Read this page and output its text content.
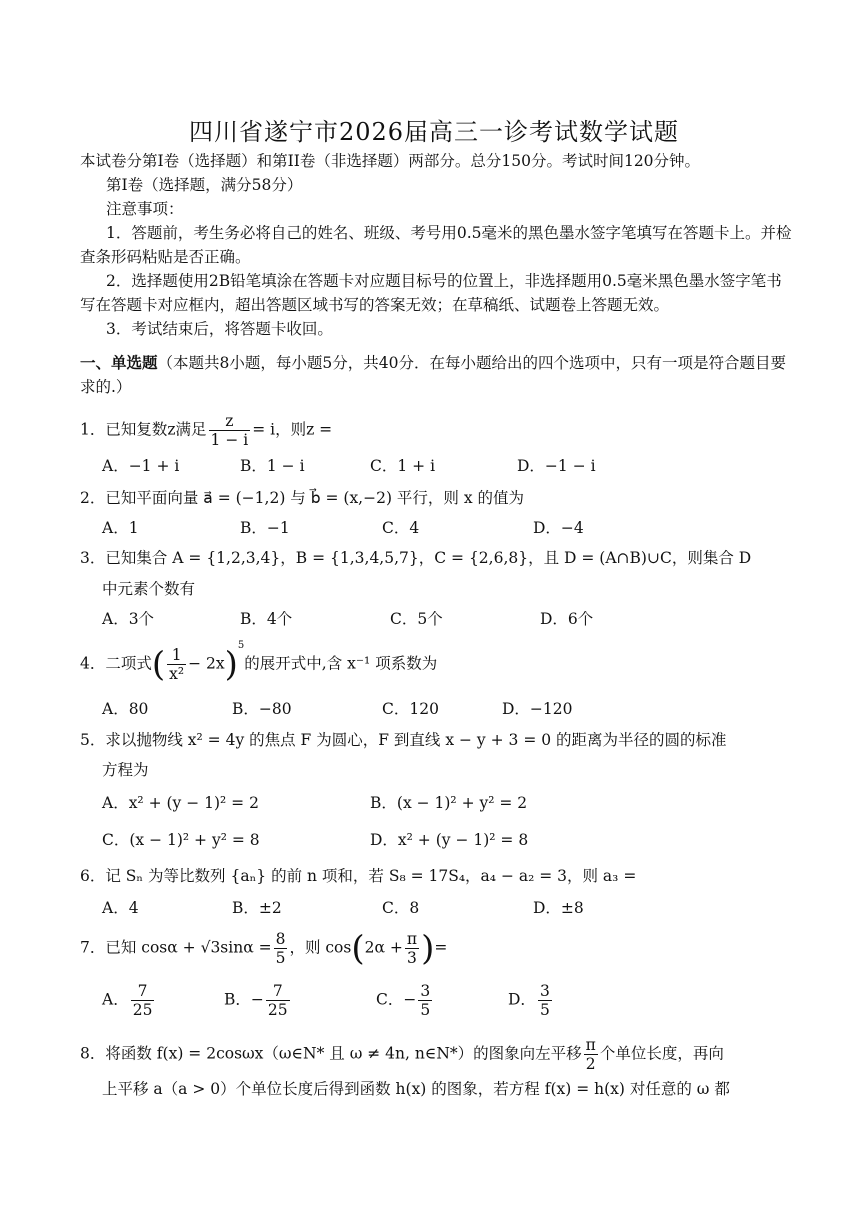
四川省遂宁市2026届高三一诊考试数学试题
本试卷分第I卷（选择题）和第II卷（非选择题）两部分。总分150分。考试时间120分钟。
第I卷（选择题，满分58分）
注意事项：
1．答题前，考生务必将自己的姓名、班级、考号用0.5毫米的黑色墨水签字笔填写在答题卡上。并检
查条形码粘贴是否正确。
2．选择题使用2B铅笔填涂在答题卡对应题目标号的位置上，非选择题用0.5毫米黑色墨水签字笔书
写在答题卡对应框内，超出答题区域书写的答案无效；在草稿纸、试题卷上答题无效。
3．考试结束后，将答题卡收回。
一、单选题（本题共8小题，每小题5分，共40分．在每小题给出的四个选项中，只有一项是符合题目要
求的.）
1．已知复数z满足 $\frac{z}{1 - i} = i$，则z =
A．−1 + i	B．1 − i	C．1 + i	D．−1 − i
2．已知平面向量 a⃗ = (−1,2) 与 b⃗ = (x,−2) 平行，则 x 的值为
A．1	B．−1	C．4	D．−4
3．已知集合 A = {1,2,3,4}，B = {1,3,4,5,7}，C = {2,6,8}，且 D = (A∩B)∪C，则集合 D
中元素个数有
A．3个	B．4个	C．5个	D．6个
4．二项式( $\frac{1}{\text{x²}} - 2x)^5$的展开式中,含 x⁻¹ 项系数为
A．80	B．−80	C．120	D．−120
5．求以抛物线 x² = 4y 的焦点 F 为圆心，F 到直线 x − y + 3 = 0 的距离为半径的圆的标准
方程为
A．x² + (y − 1)² = 2	B．(x − 1)² + y² = 2
C．(x − 1)² + y² = 8	D．x² + (y − 1)² = 8
6．记 Sₙ 为等比数列 {aₙ} 的前 n 项和，若 S₈ = 17S₄，a₄ − a₂ = 3，则 a₃ =
A．4	B．±2	C．8	D．±8
7．已知 $\cos\alpha + √3\sin\alpha = \frac{8}{5}$ ，则 $\cos(2\alpha + \frac{\pi}{3}$ )=
A． $\frac{7}{25}$	B．− $\frac{7}{25}$	C．− $\frac{3}{5}$	D． $\frac{3}{5}$
8．将函数 f(x) = 2cosωx（ω∈N* 且 ω ≠ 4n, n∈N*）的图象向左平移 $\frac{\pi}{2}$ 个单位长度，再向
上平移 a（a > 0）个单位长度后得到函数 h(x) 的图象，若方程 f(x) = h(x) 对任意的 ω 都
